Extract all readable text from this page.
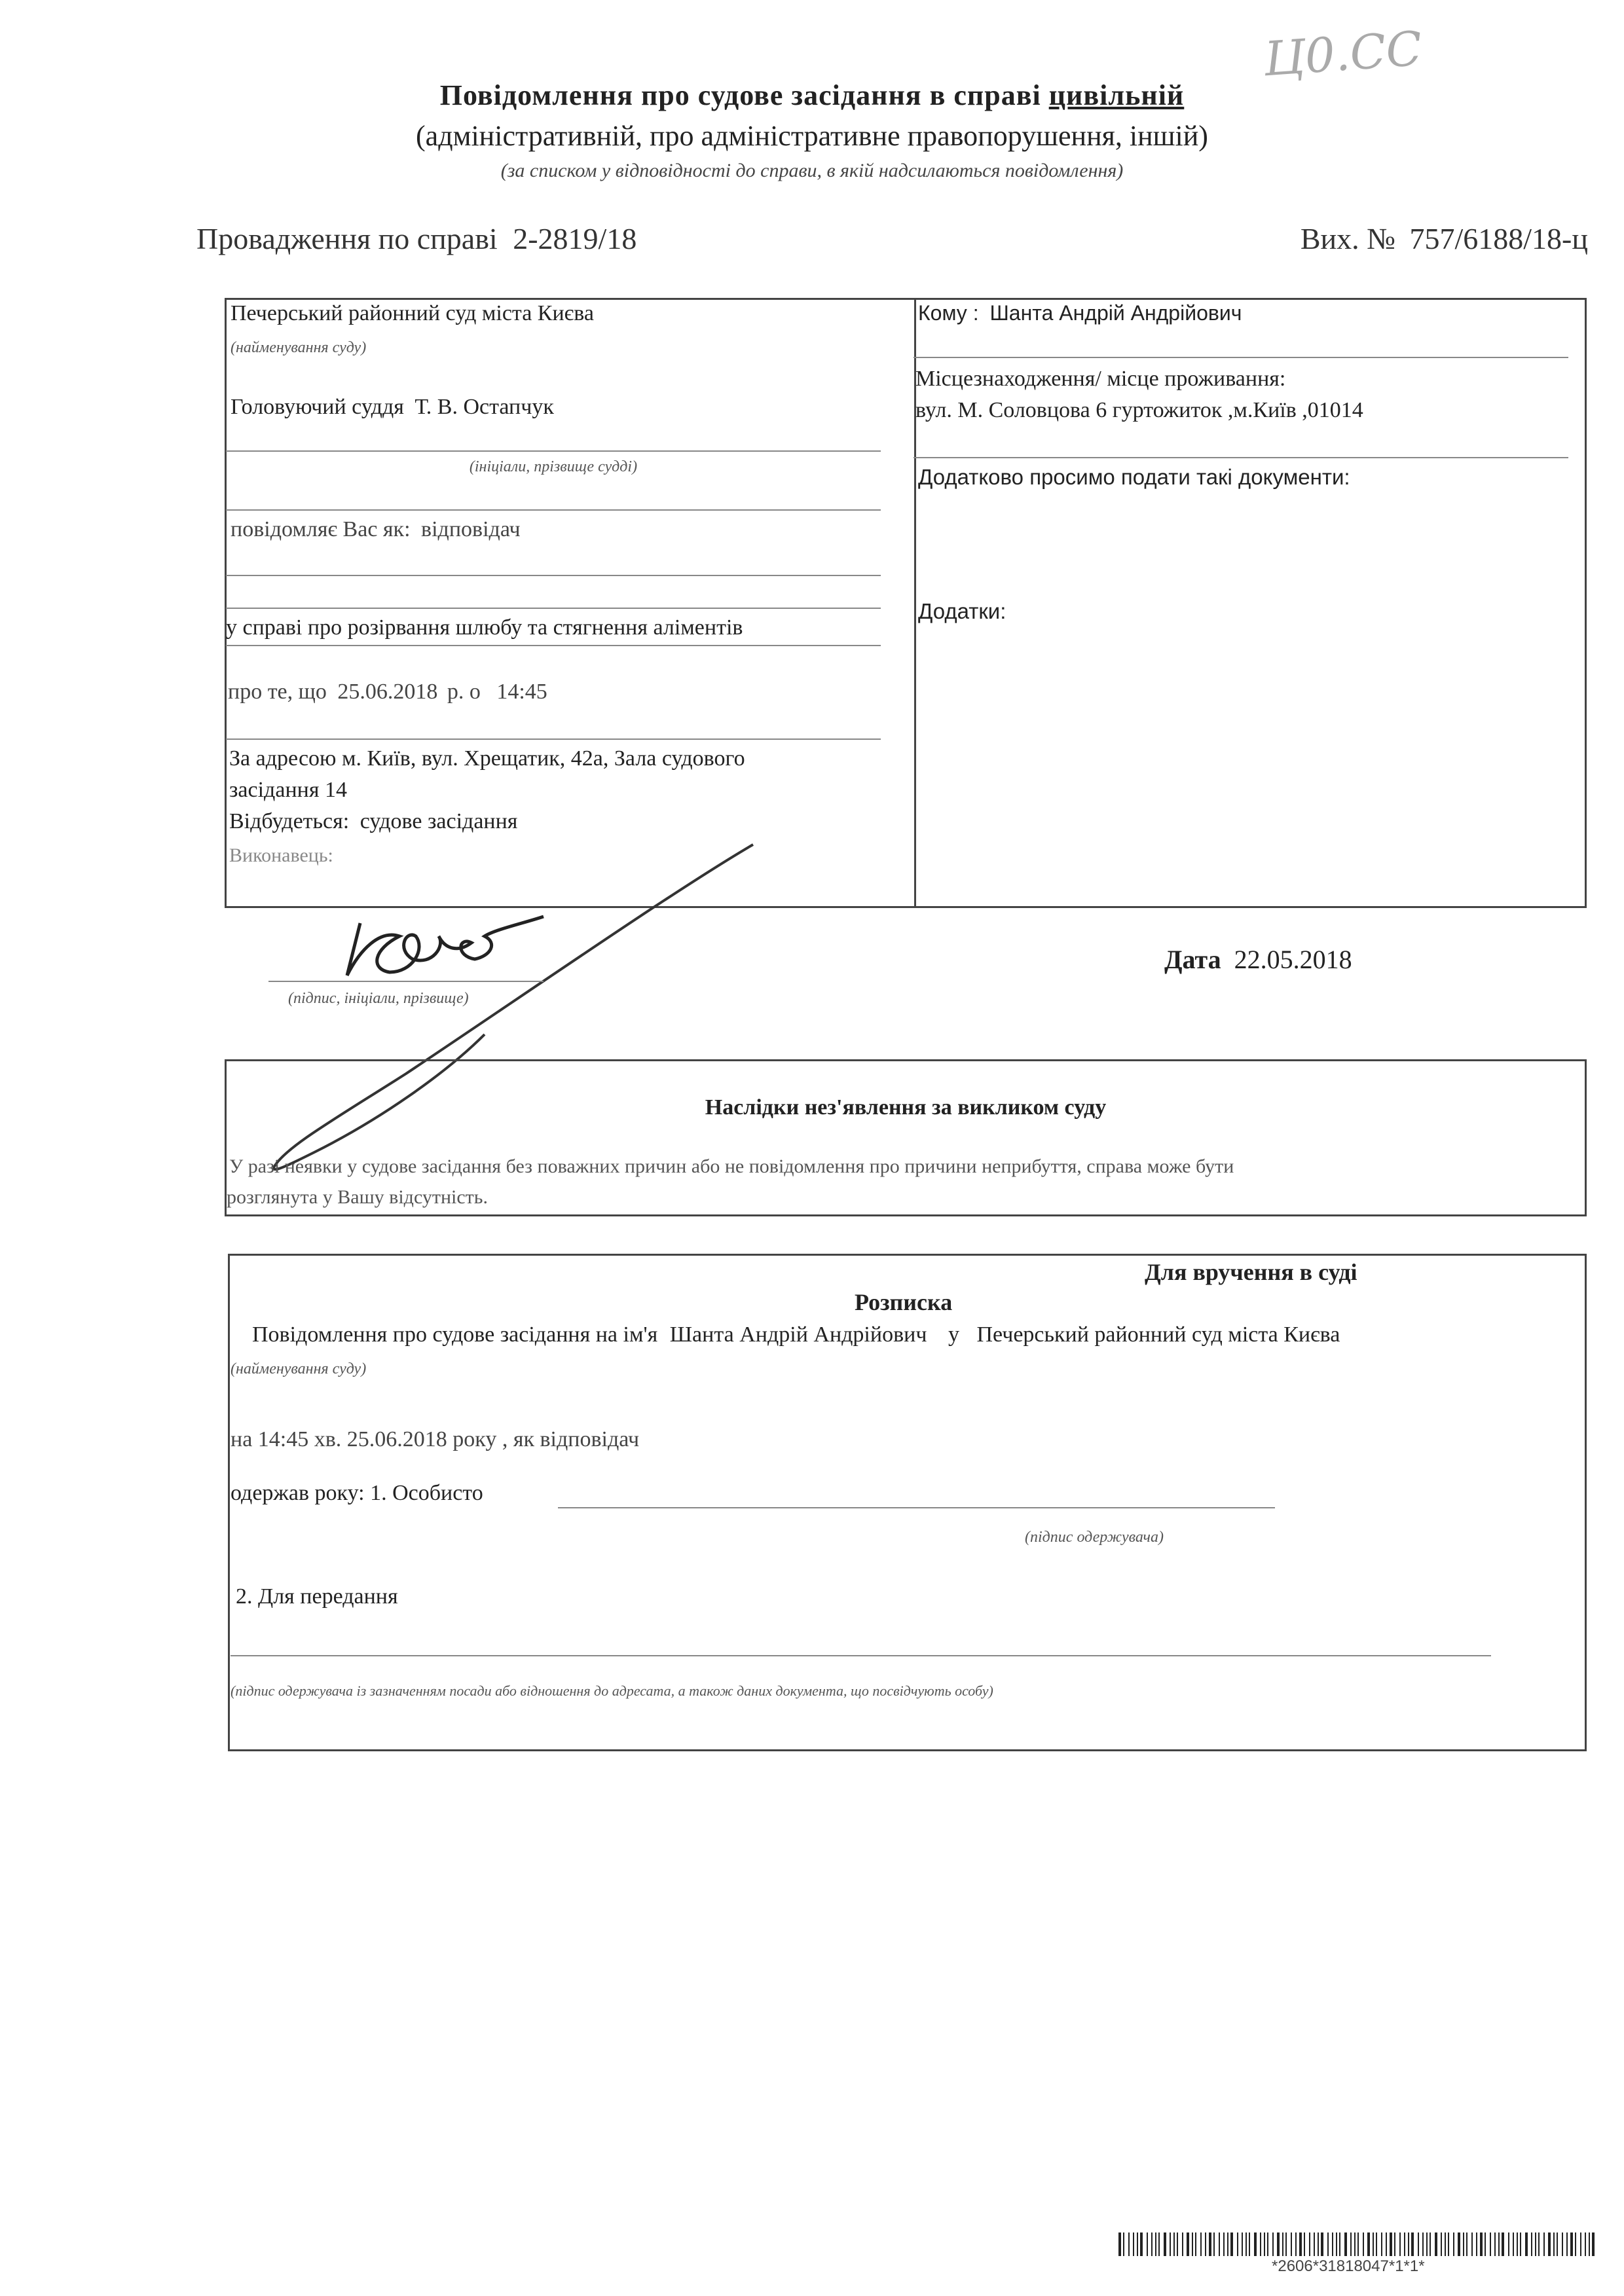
Ц0.СС
Повідомлення про судове засідання в справі цивільній
(адміністративній, про адміністративне правопорушення, іншій)
(за списком у відповідності до справи, в якій надсилаються повідомлення)
Провадження по справі 2-2819/18	Вих. № 757/6188/18-ц
Печерський районний суд міста Києва
(найменування суду)
Головуючий суддя Т. В. Остапчук
(ініціали, прізвище судді)
повідомляє Вас як: відповідач
у справі про розірвання шлюбу та стягнення аліментів
про те, що 25.06.2018 р. о 14:45
За адресою м. Київ, вул. Хрещатик, 42а, Зала судового
засідання 14
Відбудеться: судове засідання
Виконавець:
Кому : Шанта Андрій Андрійович
Місцезнаходження/ місце проживання:
вул. М. Соловцова 6 гуртожиток ,м.Київ ,01014
Додатково просимо подати такі документи:
Додатки:
(підпис, ініціали, прізвище)
Дата 22.05.2018
Наслідки нез'явлення за викликом суду
У разі неявки у судове засідання без поважних причин або не повідомлення про причини неприбуття, справа може бути
розглянута у Вашу відсутність.
Для вручення в суді
Розписка
Повідомлення про судове засідання на ім'я Шанта Андрій Андрійович у Печерський районний суд міста Києва
(найменування суду)
на 14:45 хв. 25.06.2018 року , як відповідач
одержав року: 1. Особисто
(підпис одержувача)
2. Для передання
(підпис одержувача із зазначенням посади або відношення до адресата, а також даних документа, що посвідчують особу)
*2606*31818047*1*1*
